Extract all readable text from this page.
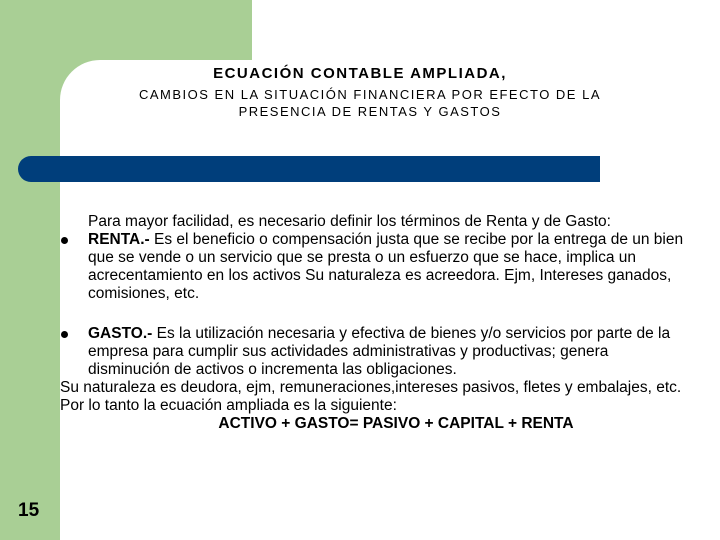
ECUACIÓN CONTABLE AMPLIADA,
CAMBIOS EN LA SITUACIÓN FINANCIERA POR EFECTO DE LA
PRESENCIA DE RENTAS Y GASTOS

Para mayor facilidad, es necesario definir los términos de Renta y de Gasto:

RENTA.- Es el beneficio o compensación justa que se recibe por la entrega de un bien que se vende o un servicio que se presta o un esfuerzo que se hace, implica un acrecentamiento en los activos Su naturaleza es acreedora. Ejm, Intereses ganados, comisiones, etc.
GASTO.- Es la utilización necesaria y efectiva de bienes y/o servicios por parte de la empresa para cumplir sus actividades administrativas y productivas; genera disminución de activos o incrementa las obligaciones.

Su naturaleza es deudora, ejm, remuneraciones,intereses pasivos, fletes y embalajes, etc.

Por lo tanto la ecuación ampliada es la siguiente:

ACTIVO + GASTO= PASIVO + CAPITAL + RENTA

15
